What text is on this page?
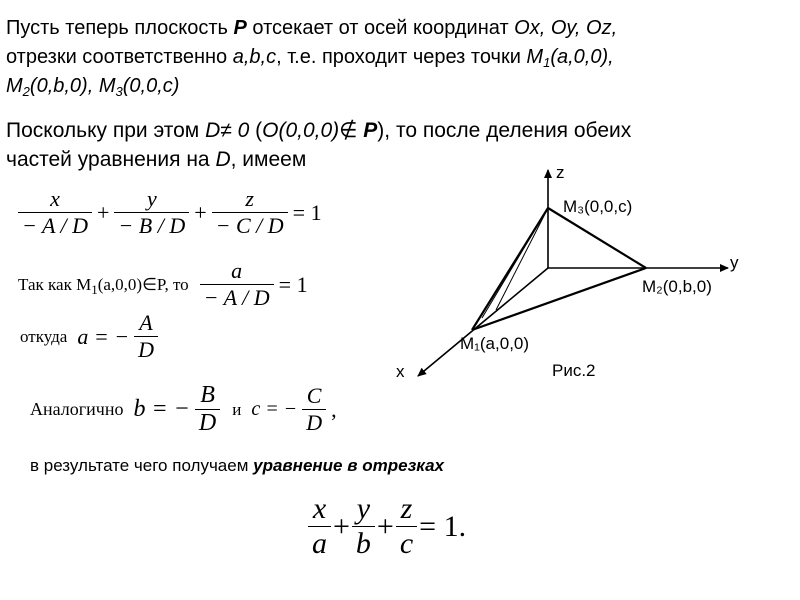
Пусть теперь плоскость P отсекает от осей координат Ox, Oy, Oz,
отрезки соответственно a,b,c, т.е. проходит через точки $M_1(a,0,0)$,
$M_2(0,b,0)$, $M_3(0,0,c)$
Поскольку при этом D≠ 0 (O(0,0,0)∉ P), то после деления обеих
частей уравнения на D, имеем
$\frac{x}{- A / D} + \frac{y}{- B / D} + \frac{z}{- C / D} = 1$
Так как $M_1(a,0,0)\in P$, то $\frac{a}{- A / D} = 1$
откуда a = − $\frac{A}{D}$
Аналогично b = − $\frac{B}{D}$ и c = − $\frac{C}{D}$ ,
в результате чего получаем уравнение в отрезках
$\frac{x}{a} + \frac{y}{b} + \frac{z}{c} = 1$.
z
y
x
M₃(0,0,c)
M₂(0,b,0)
M₁(a,0,0)
Рис.2
